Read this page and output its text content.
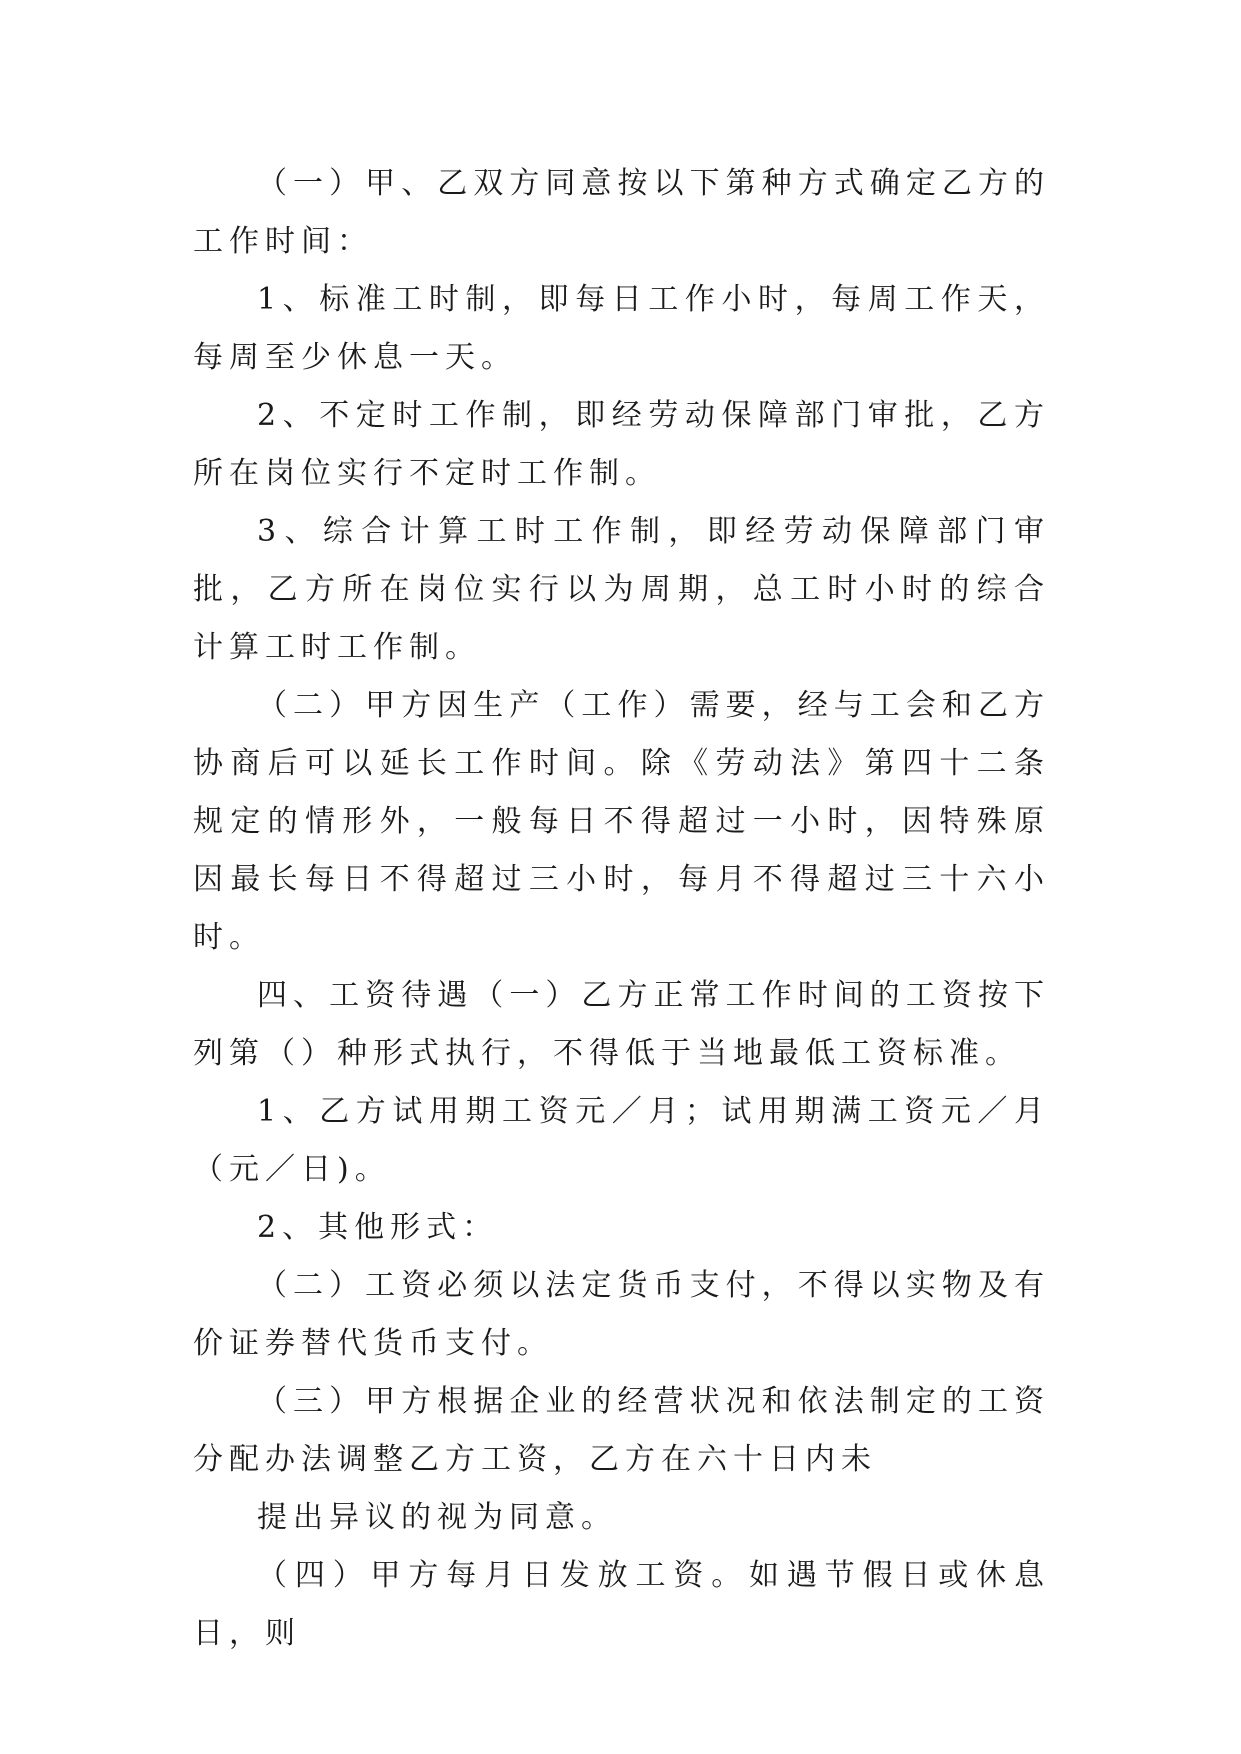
（一）甲、乙双方同意按以下第种方式确定乙方的工作时间：

1、标准工时制，即每日工作小时，每周工作天，每周至少休息一天。

2、不定时工作制，即经劳动保障部门审批，乙方所在岗位实行不定时工作制。

3、综合计算工时工作制，即经劳动保障部门审批，乙方所在岗位实行以为周期，总工时小时的综合计算工时工作制。

（二）甲方因生产（工作）需要，经与工会和乙方协商后可以延长工作时间。除《劳动法》第四十二条规定的情形外，一般每日不得超过一小时，因特殊原因最长每日不得超过三小时，每月不得超过三十六小时。

四、工资待遇（一）乙方正常工作时间的工资按下列第（）种形式执行，不得低于当地最低工资标准。

1、乙方试用期工资元／月；试用期满工资元／月（元／日)。

2、其他形式：

（二）工资必须以法定货币支付，不得以实物及有价证券替代货币支付。

（三）甲方根据企业的经营状况和依法制定的工资分配办法调整乙方工资，乙方在六十日内未

提出异议的视为同意。

（四）甲方每月日发放工资。如遇节假日或休息日，则
